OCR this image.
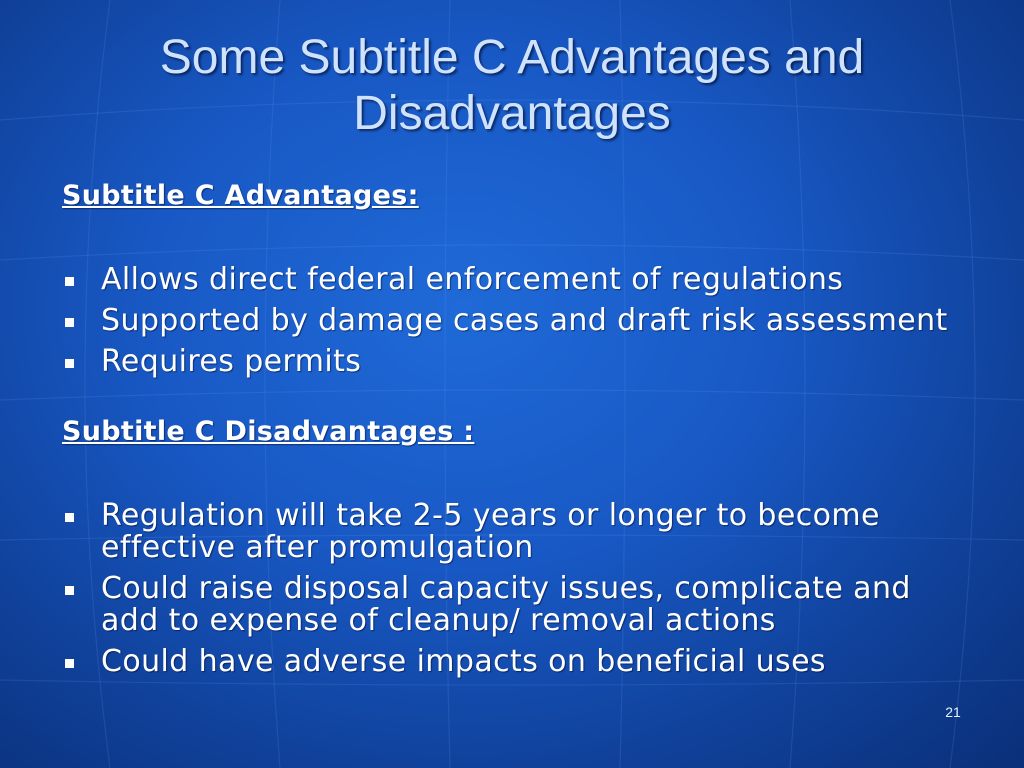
Some Subtitle C Advantages and Disadvantages
Subtitle C Advantages:
Allows direct federal enforcement of regulations
Supported by damage cases and draft risk assessment
Requires permits
Subtitle C Disadvantages :
Regulation will take 2-5 years or longer to become effective after promulgation
Could raise disposal capacity issues, complicate and add to expense of cleanup/ removal actions
Could have adverse impacts on beneficial uses
21
